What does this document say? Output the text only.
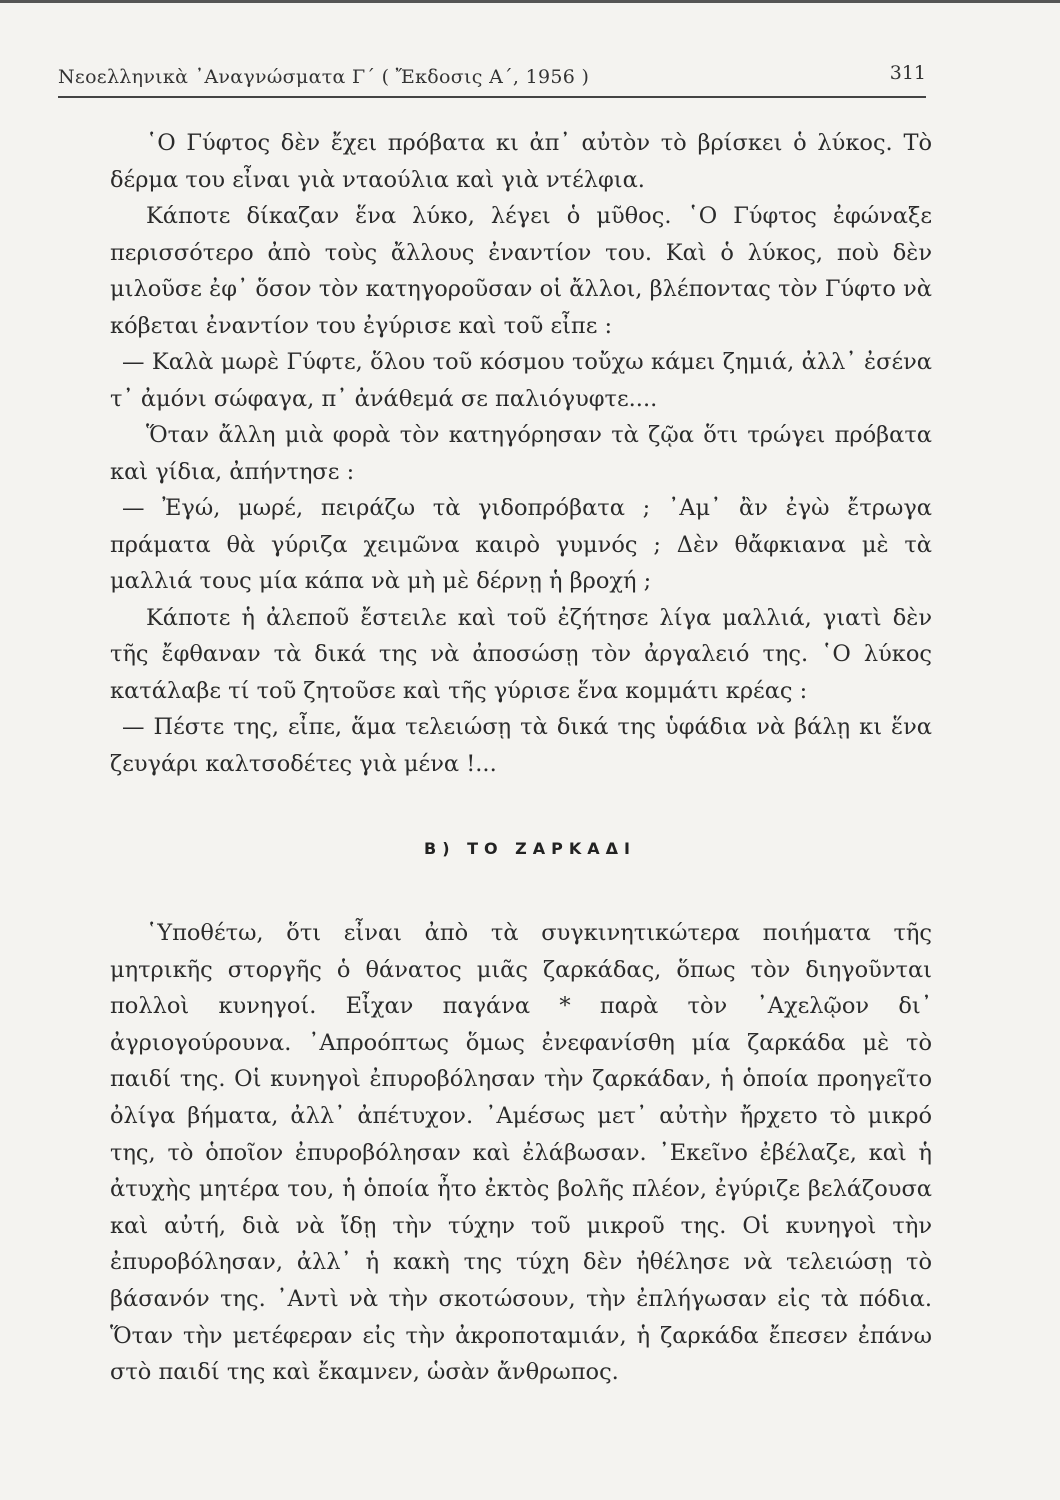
Νεοελληνικὰ ᾿Αναγνώσματα Γ΄ ( Ἔκδοσις Α΄, 1956 )	311

῾Ο Γύφτος δὲν ἔχει πρόβατα κι ἀπ᾿ αὐτὸν τὸ βρίσκει ὁ λύκος. Τὸ δέρμα του εἶναι γιὰ νταούλια καὶ γιὰ ντέλφια.

Κάποτε δίκαζαν ἕνα λύκο, λέγει ὁ μῦθος. ῾Ο Γύφτος ἐφώναξε περισσότερο ἀπὸ τοὺς ἄλλους ἐναντίον του. Καὶ ὁ λύκος, ποὺ δὲν μιλοῦσε ἐφ᾿ ὅσον τὸν κατηγοροῦσαν οἱ ἄλλοι, βλέποντας τὸν Γύφτο νὰ κόβεται ἐναντίον του ἐγύρισε καὶ τοῦ εἶπε :

— Καλὰ μωρὲ Γύφτε, ὅλου τοῦ κόσμου τοὔχω κάμει ζημιά, ἀλλ᾿ ἐσένα τ᾿ ἀμόνι σώφαγα, π᾿ ἀνάθεμά σε παλιόγυφτε....

Ὅταν ἄλλη μιὰ φορὰ τὸν κατηγόρησαν τὰ ζῷα ὅτι τρώγει πρόβατα καὶ γίδια, ἀπήντησε :

— Ἐγώ, μωρέ, πειράζω τὰ γιδοπρόβατα ; ᾿Αμ᾿ ἂν ἐγὼ ἔτρωγα πράματα θὰ γύριζα χειμῶνα καιρὸ γυμνός ; Δὲν θἄφκιανα μὲ τὰ μαλλιά τους μία κάπα νὰ μὴ μὲ δέρνῃ ἡ βροχή ;

Κάποτε ἡ ἀλεποῦ ἔστειλε καὶ τοῦ ἐζήτησε λίγα μαλλιά, γιατὶ δὲν τῆς ἔφθαναν τὰ δικά της νὰ ἀποσώσῃ τὸν ἀργαλειό της. ῾Ο λύκος κατάλαβε τί τοῦ ζητοῦσε καὶ τῆς γύρισε ἕνα κομμάτι κρέας :

— Πέστε της, εἶπε, ἅμα τελειώσῃ τὰ δικά της ὑφάδια νὰ βάλῃ κι ἕνα ζευγάρι καλτσοδέτες γιὰ μένα !...

Β) ΤΟ ΖΑΡΚΑΔΙ

῾Υποθέτω, ὅτι εἶναι ἀπὸ τὰ συγκινητικώτερα ποιήματα τῆς μητρικῆς στοργῆς ὁ θάνατος μιᾶς ζαρκάδας, ὅπως τὸν διηγοῦνται πολλοὶ κυνηγοί. Εἶχαν παγάνα * παρὰ τὸν ᾿Αχελῷον δι᾿ ἀγριογούρουνα. ᾿Απροόπτως ὅμως ἐνεφανίσθη μία ζαρκάδα μὲ τὸ παιδί της. Οἱ κυνηγοὶ ἐπυροβόλησαν τὴν ζαρκάδαν, ἡ ὁποία προηγεῖτο ὀλίγα βήματα, ἀλλ᾿ ἀπέτυχον. ᾿Αμέσως μετ᾿ αὐτὴν ἤρχετο τὸ μικρό της, τὸ ὁποῖον ἐπυροβόλησαν καὶ ἐλάβωσαν. ᾿Εκεῖνο ἐβέλαζε, καὶ ἡ ἀτυχὴς μητέρα του, ἡ ὁποία ἦτο ἐκτὸς βολῆς πλέον, ἐγύριζε βελάζουσα καὶ αὐτή, διὰ νὰ ἴδῃ τὴν τύχην τοῦ μικροῦ της. Οἱ κυνηγοὶ τὴν ἐπυροβόλησαν, ἀλλ᾿ ἡ κακὴ της τύχη δὲν ἠθέλησε νὰ τελειώσῃ τὸ βάσανόν της. ᾿Αντὶ νὰ τὴν σκοτώσουν, τὴν ἐπλήγωσαν εἰς τὰ πόδια. Ὅταν τὴν μετέφεραν εἰς τὴν ἀκροποταμιάν, ἡ ζαρκάδα ἔπεσεν ἐπάνω στὸ παιδί της καὶ ἔκαμνεν, ὡσὰν ἄνθρωπος.
